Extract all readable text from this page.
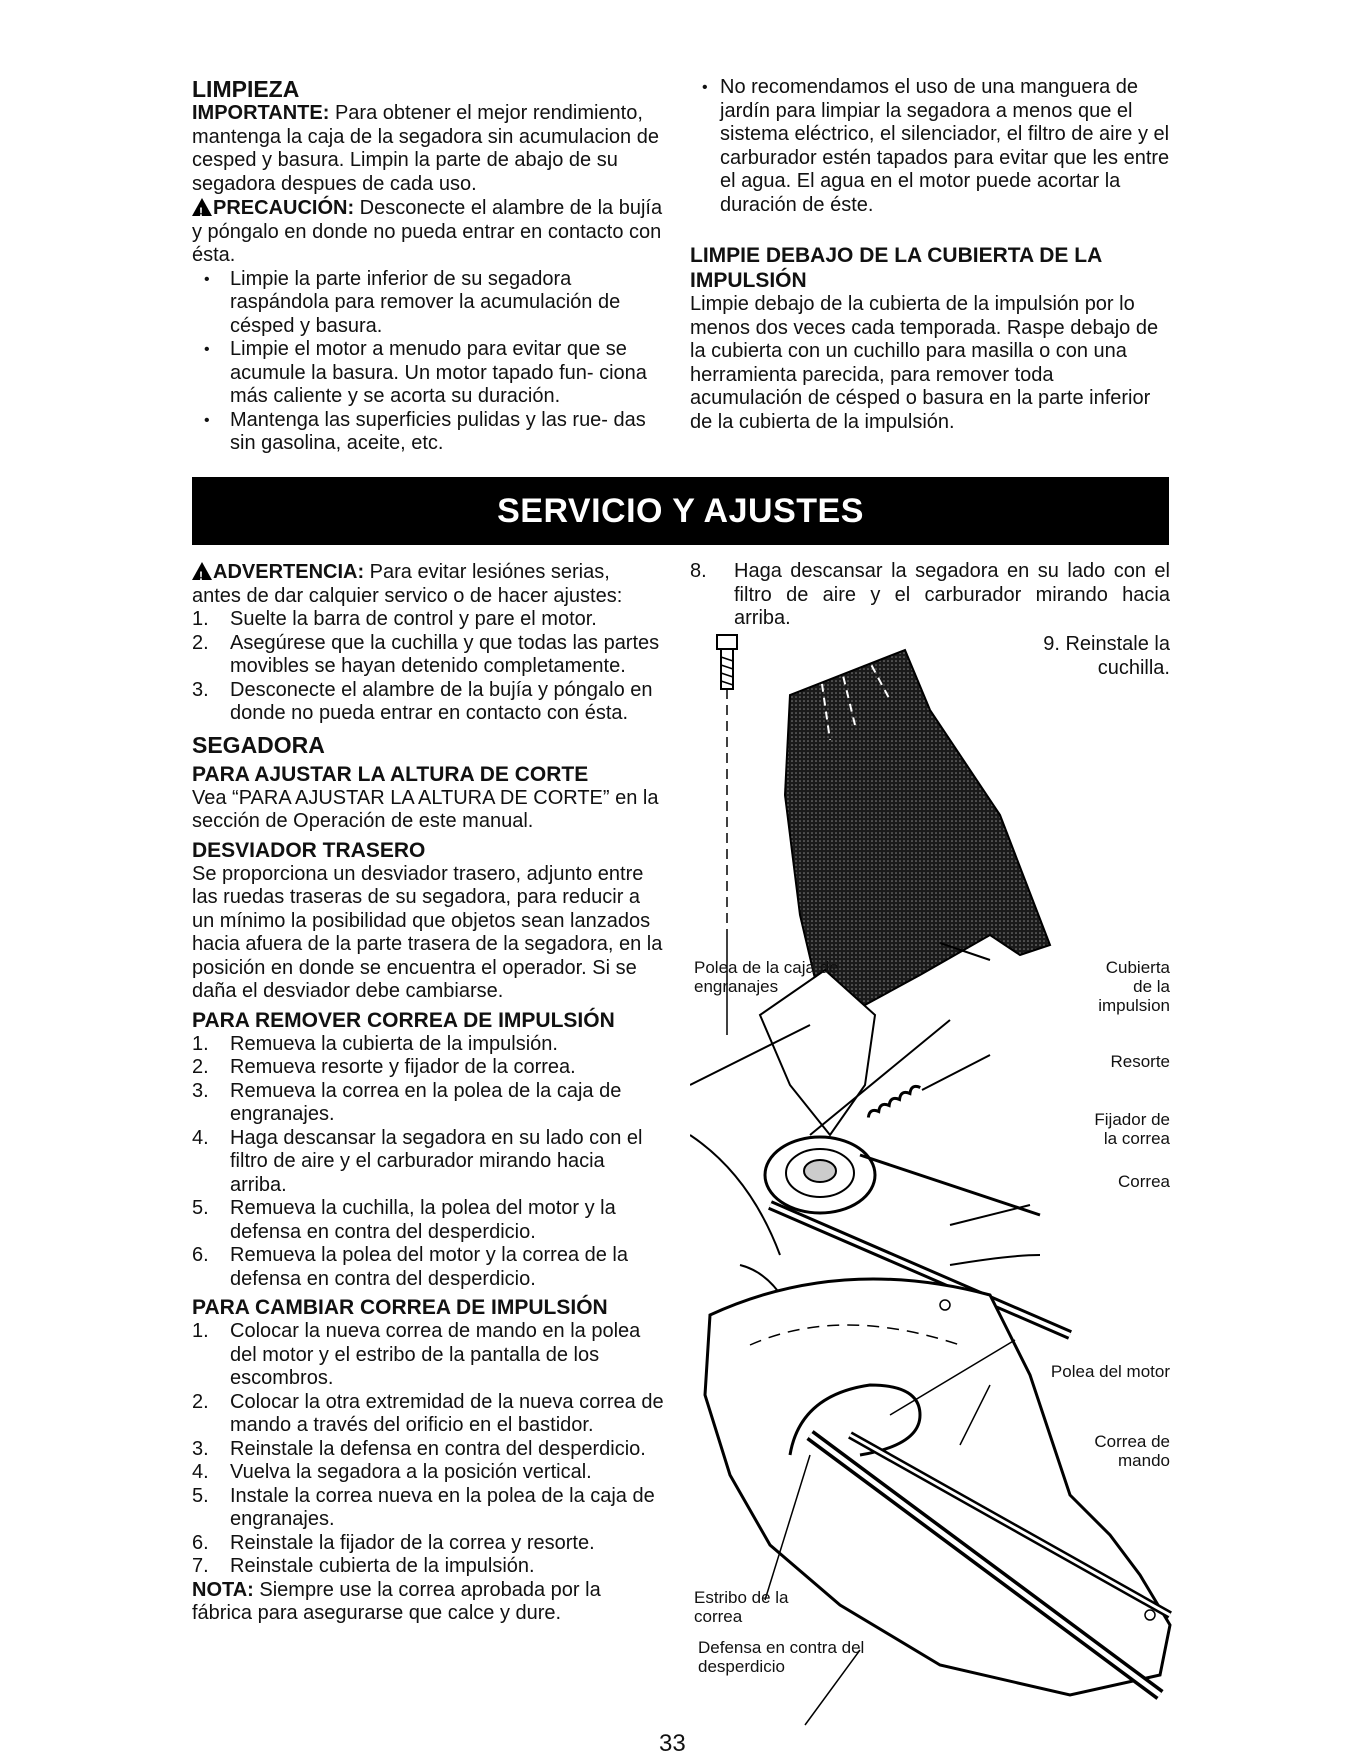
LIMPIEZA

IMPORTANTE: Para obtener el mejor rendimiento, mantenga la caja de la segadora sin acumulacion de cesped y basura. Limpin la parte de abajo de su segadora despues de cada uso.

!PRECAUCIÓN: Desconecte el alambre de la bujía y póngalo en donde no pueda entrar en contacto con ésta.

• Limpie la parte inferior de su segadora raspándola para remover la acumulación de césped y basura.
• Limpie el motor a menudo para evitar que se acumule la basura. Un motor tapado fun- ciona más caliente y se acorta su duración.
• Mantenga las superficies pulidas y las rue- das sin gasolina, aceite, etc.
• No recomendamos el uso de una manguera de jardín para limpiar la segadora a menos que el sistema eléctrico, el silenciador, el filtro de aire y el carburador estén tapados para evitar que les entre el agua. El agua en el motor puede acortar la duración de éste.
LIMPIE DEBAJO DE LA CUBIERTA DE LA IMPULSIÓN

Limpie debajo de la cubierta de la impulsión por lo menos dos veces cada temporada. Raspe debajo de la cubierta con un cuchillo para masilla o con una herramienta parecida, para remover toda acumulación de césped o basura en la parte inferior de la cubierta de la impulsión.

SERVICIO Y AJUSTES

!ADVERTENCIA: Para evitar lesiónes serias, antes de dar calquier servico o de hacer ajustes:

1.	Suelte la barra de control y pare el motor.
2.	Asegúrese que la cuchilla y que todas las partes movibles se hayan detenido completamente.
3.	Desconecte el alambre de la bujía y póngalo en donde no pueda entrar en contacto con ésta.
SEGADORA
PARA AJUSTAR LA ALTURA DE CORTE

Vea “PARA AJUSTAR LA ALTURA DE CORTE” en la sección de Operación de este manual.

DESVIADOR TRASERO

Se proporciona un desviador trasero, adjunto entre las ruedas traseras de su segadora, para reducir a un mínimo la posibilidad que objetos sean lanzados hacia afuera de la parte trasera de la segadora, en la posición en donde se encuentra el operador. Si se daña el desviador debe cambiarse.

PARA REMOVER CORREA DE IMPULSIÓN
1.	Remueva la cubierta de la impulsión.
2.	Remueva resorte y fijador de la correa.
3.	Remueva la correa en la polea de la caja de engranajes.
4.	Haga descansar la segadora en su lado con el filtro de aire y el carburador mirando hacia arriba.
5.	Remueva la cuchilla, la polea del motor y la defensa en contra del desperdicio.
6.	Remueva la polea del motor y la correa de la defensa en contra del desperdicio.
PARA CAMBIAR CORREA DE IMPULSIÓN
1.	Colocar la nueva correa de mando en la polea del motor y el estribo de la pantalla de los escombros.
2.	Colocar la otra extremidad de la nueva correa de mando a través del orificio en el bastidor.
3.	Reinstale la defensa en contra del desperdicio.
4.	Vuelva la segadora a la posición vertical.
5.	Instale la correa nueva en la polea de la caja de engranajes.
6.	Reinstale la fijador de la correa y resorte.
7.	Reinstale cubierta de la impulsión.

NOTA: Siempre use la correa aprobada por la fábrica para asegurarse que calce y dure.

8.	Haga descansar la segadora en su lado con el filtro de aire y el carburador mirando hacia arriba.
9. Reinstale la cuchilla.
Polea de la caja de engranajes
Cubierta de la impulsion
Resorte
Fijador de la correa
Correa
Polea del motor
Correa de mando
Estribo de la correa
Defensa en contra del desperdicio
33
